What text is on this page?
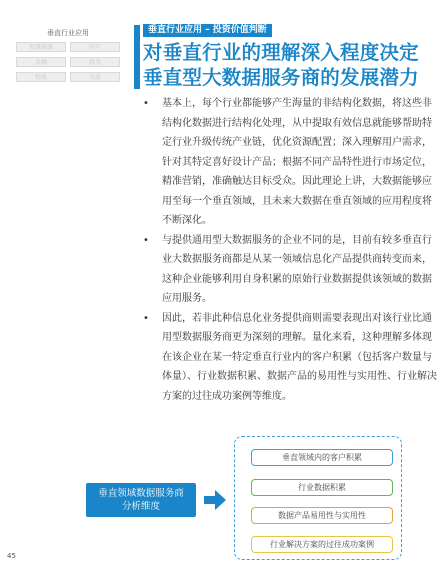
垂直行业应用
智慧能源	医疗
金融	政务
物流	文旅
垂直行业应用 – 投资价值判断
对垂直行业的理解深入程度决定
垂直型大数据服务商的发展潜力
• 基本上，每个行业都能够产生海量的非结构化数据，将这些非结构化数据进行结构化处理，从中提取有效信息就能够帮助特定行业升级传统产业链，优化资源配置；深入理解用户需求，针对其特定喜好设计产品；根据不同产品特性进行市场定位，精准营销，准确触达目标受众。因此理论上讲，大数据能够应用至每一个垂直领域，且未来大数据在垂直领域的应用程度将不断深化。
• 与提供通用型大数据服务的企业不同的是，目前有较多垂直行业大数据服务商都是从某一领域信息化产品提供商转变而来，这种企业能够利用自身积累的原始行业数据提供该领域的数据应用服务。
• 因此，若非此种信息化业务提供商则需要表现出对该行业比通用型数据服务商更为深刻的理解。量化来看，这种理解多体现在该企业在某一特定垂直行业内的客户积累（包括客户数量与体量）、行业数据积累、数据产品的易用性与实用性、行业解决方案的过往成功案例等维度。
垂直领域数据服务商
分析维度
垂直领域内的客户积累
行业数据积累
数据产品易用性与实用性
行业解决方案的过往成功案例
45
